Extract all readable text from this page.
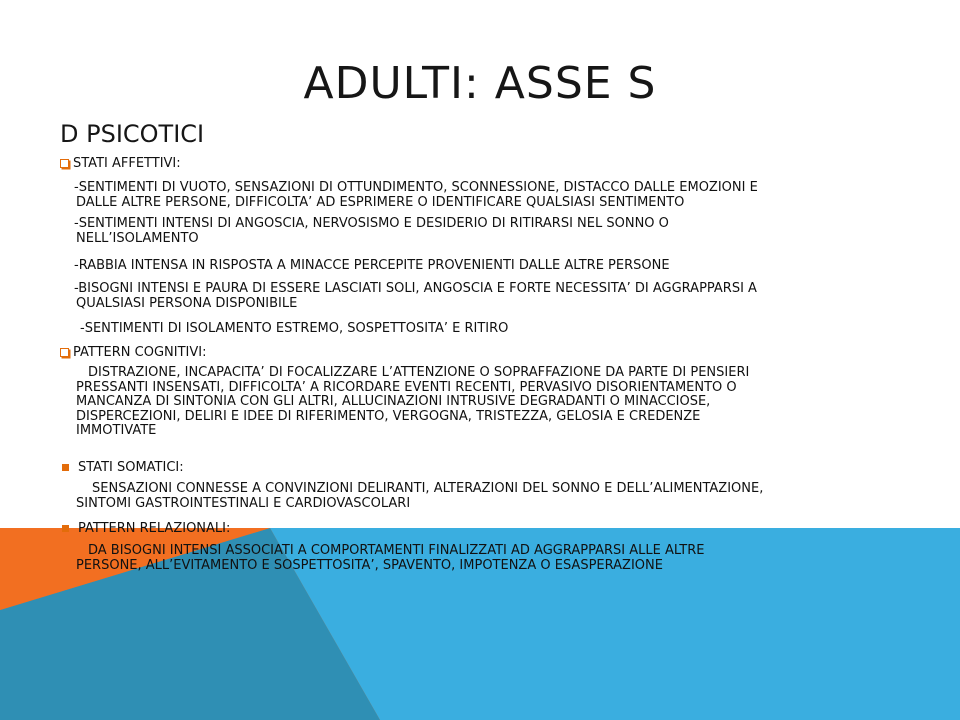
ADULTI: ASSE S
D PSICOTICI
STATI AFFETTIVI:
-SENTIMENTI DI VUOTO, SENSAZIONI DI OTTUNDIMENTO, SCONNESSIONE, DISTACCO DALLE EMOZIONI E
DALLE ALTRE PERSONE, DIFFICOLTA’ AD ESPRIMERE O IDENTIFICARE QUALSIASI SENTIMENTO
-SENTIMENTI INTENSI DI ANGOSCIA, NERVOSISMO E DESIDERIO DI RITIRARSI NEL SONNO O
NELL’ISOLAMENTO
-RABBIA INTENSA IN RISPOSTA A MINACCE PERCEPITE PROVENIENTI DALLE ALTRE PERSONE
-BISOGNI INTENSI E PAURA DI ESSERE LASCIATI SOLI, ANGOSCIA E FORTE NECESSITA’ DI AGGRAPPARSI A
QUALSIASI PERSONA DISPONIBILE
-SENTIMENTI DI ISOLAMENTO ESTREMO, SOSPETTOSITA’ E RITIRO
PATTERN COGNITIVI:
DISTRAZIONE, INCAPACITA’ DI FOCALIZZARE L’ATTENZIONE O SOPRAFFAZIONE DA PARTE DI PENSIERI
PRESSANTI INSENSATI, DIFFICOLTA’ A RICORDARE EVENTI RECENTI, PERVASIVO DISORIENTAMENTO O
MANCANZA DI SINTONIA CON GLI ALTRI, ALLUCINAZIONI INTRUSIVE DEGRADANTI O MINACCIOSE,
DISPERCEZIONI, DELIRI E IDEE DI RIFERIMENTO, VERGOGNA, TRISTEZZA, GELOSIA E CREDENZE
IMMOTIVATE
STATI SOMATICI:
SENSAZIONI CONNESSE A CONVINZIONI DELIRANTI, ALTERAZIONI DEL SONNO E DELL’ALIMENTAZIONE,
SINTOMI GASTROINTESTINALI E CARDIOVASCOLARI
PATTERN RELAZIONALI:
DA BISOGNI INTENSI ASSOCIATI A COMPORTAMENTI FINALIZZATI AD AGGRAPPARSI ALLE ALTRE
PERSONE, ALL’EVITAMENTO E SOSPETTOSITA’, SPAVENTO, IMPOTENZA O ESASPERAZIONE
